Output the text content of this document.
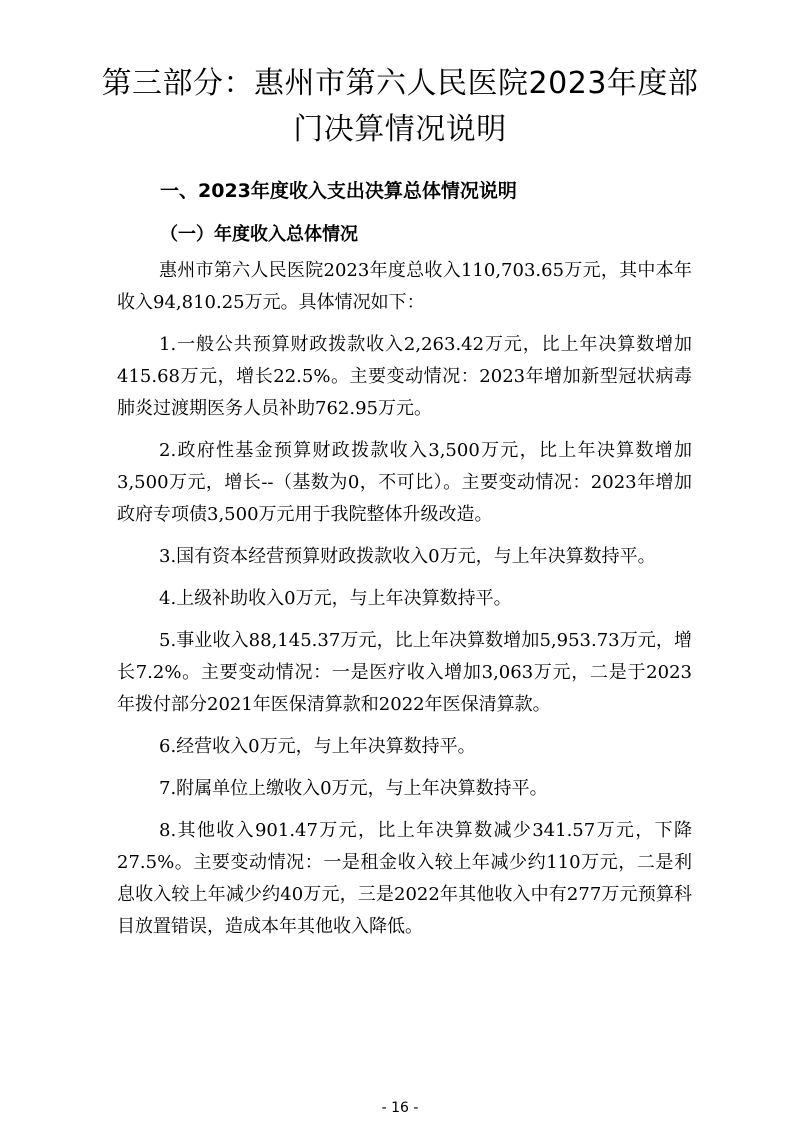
第三部分：惠州市第六人民医院2023年度部
门决算情况说明
一、2023年度收入支出决算总体情况说明
（一）年度收入总体情况

惠州市第六人民医院2023年度总收入110,703.65万元，其中本年收入94,810.25万元。具体情况如下：

1.一般公共预算财政拨款收入2,263.42万元，比上年决算数增加415.68万元，增长22.5%。主要变动情况：2023年增加新型冠状病毒肺炎过渡期医务人员补助762.95万元。

2.政府性基金预算财政拨款收入3,500万元，比上年决算数增加3,500万元，增长--（基数为0，不可比）。主要变动情况：2023年增加政府专项债3,500万元用于我院整体升级改造。

3.国有资本经营预算财政拨款收入0万元，与上年决算数持平。

4.上级补助收入0万元，与上年决算数持平。

5.事业收入88,145.37万元，比上年决算数增加5,953.73万元，增长7.2%。主要变动情况：一是医疗收入增加3,063万元，二是于2023年拨付部分2021年医保清算款和2022年医保清算款。

6.经营收入0万元，与上年决算数持平。

7.附属单位上缴收入0万元，与上年决算数持平。

8.其他收入901.47万元，比上年决算数减少341.57万元，下降27.5%。主要变动情况：一是租金收入较上年减少约110万元，二是利息收入较上年减少约40万元，三是2022年其他收入中有277万元预算科目放置错误，造成本年其他收入降低。

- 16 -
